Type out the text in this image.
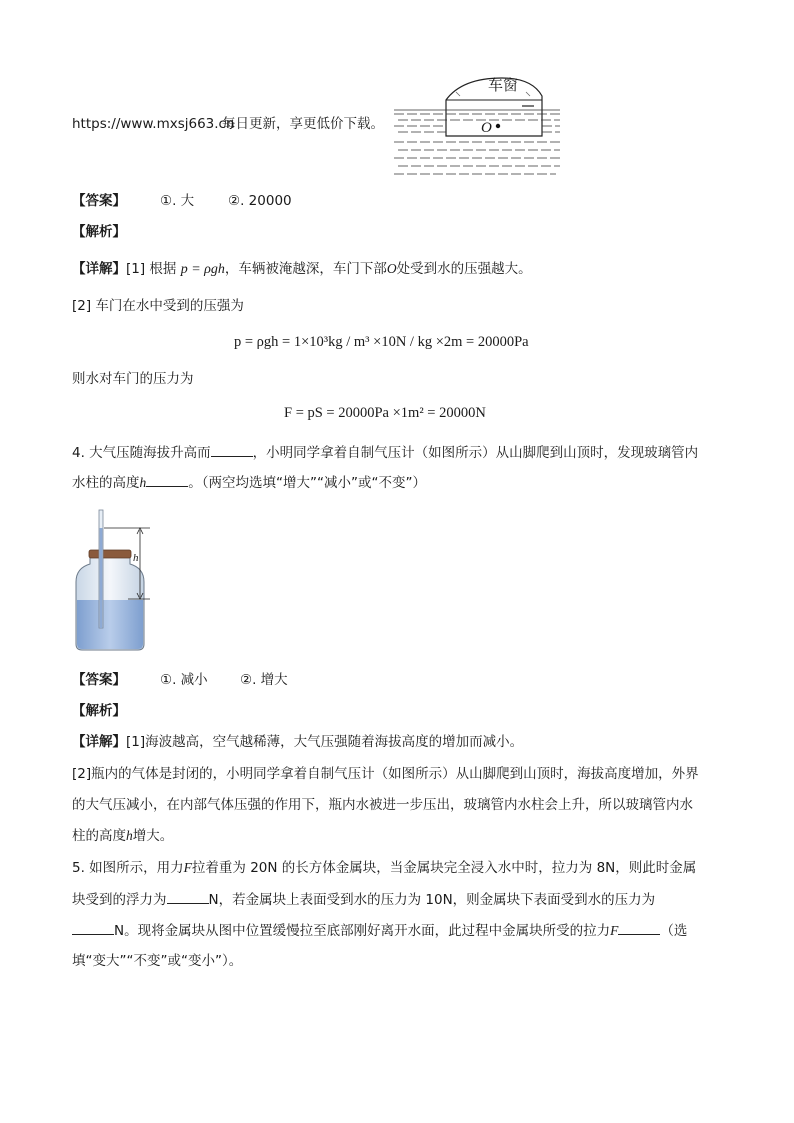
https://www.mxsj663.cn
每日更新，享更低价下载。
车窗
O
【答案】	①. 大	②. 20000
【解析】
【详解】[1] 根据 p = ρgh，车辆被淹越深，车门下部O处受到水的压强越大。
[2] 车门在水中受到的压强为
p = ρgh = 1×10³kg / m³ ×10N / kg ×2m = 20000Pa
则水对车门的压力为
F = pS = 20000Pa ×1m² = 20000N
4. 大气压随海拔升高而	，小明同学拿着自制气压计（如图所示）从山脚爬到山顶时，发现玻璃管内
水柱的高度h	。（两空均选填“增大”“减小”或“不变”）
h
【答案】	①. 减小 ②. 增大
【解析】
【详解】[1]海波越高，空气越稀薄，大气压强随着海拔高度的增加而减小。
[2]瓶内的气体是封闭的，小明同学拿着自制气压计（如图所示）从山脚爬到山顶时，海拔高度增加，外界
的大气压减小，在内部气体压强的作用下，瓶内水被进一步压出，玻璃管内水柱会上升，所以玻璃管内水
柱的高度h增大。
5. 如图所示，用力F拉着重为 20N 的长方体金属块，当金属块完全浸入水中时，拉力为 8N，则此时金属
块受到的浮力为	N，若金属块上表面受到水的压力为 10N，则金属块下表面受到水的压力为
N。现将金属块从图中位置缓慢拉至底部刚好离开水面，此过程中金属块所受的拉力F	（选
填“变大”“不变”或“变小”）。
